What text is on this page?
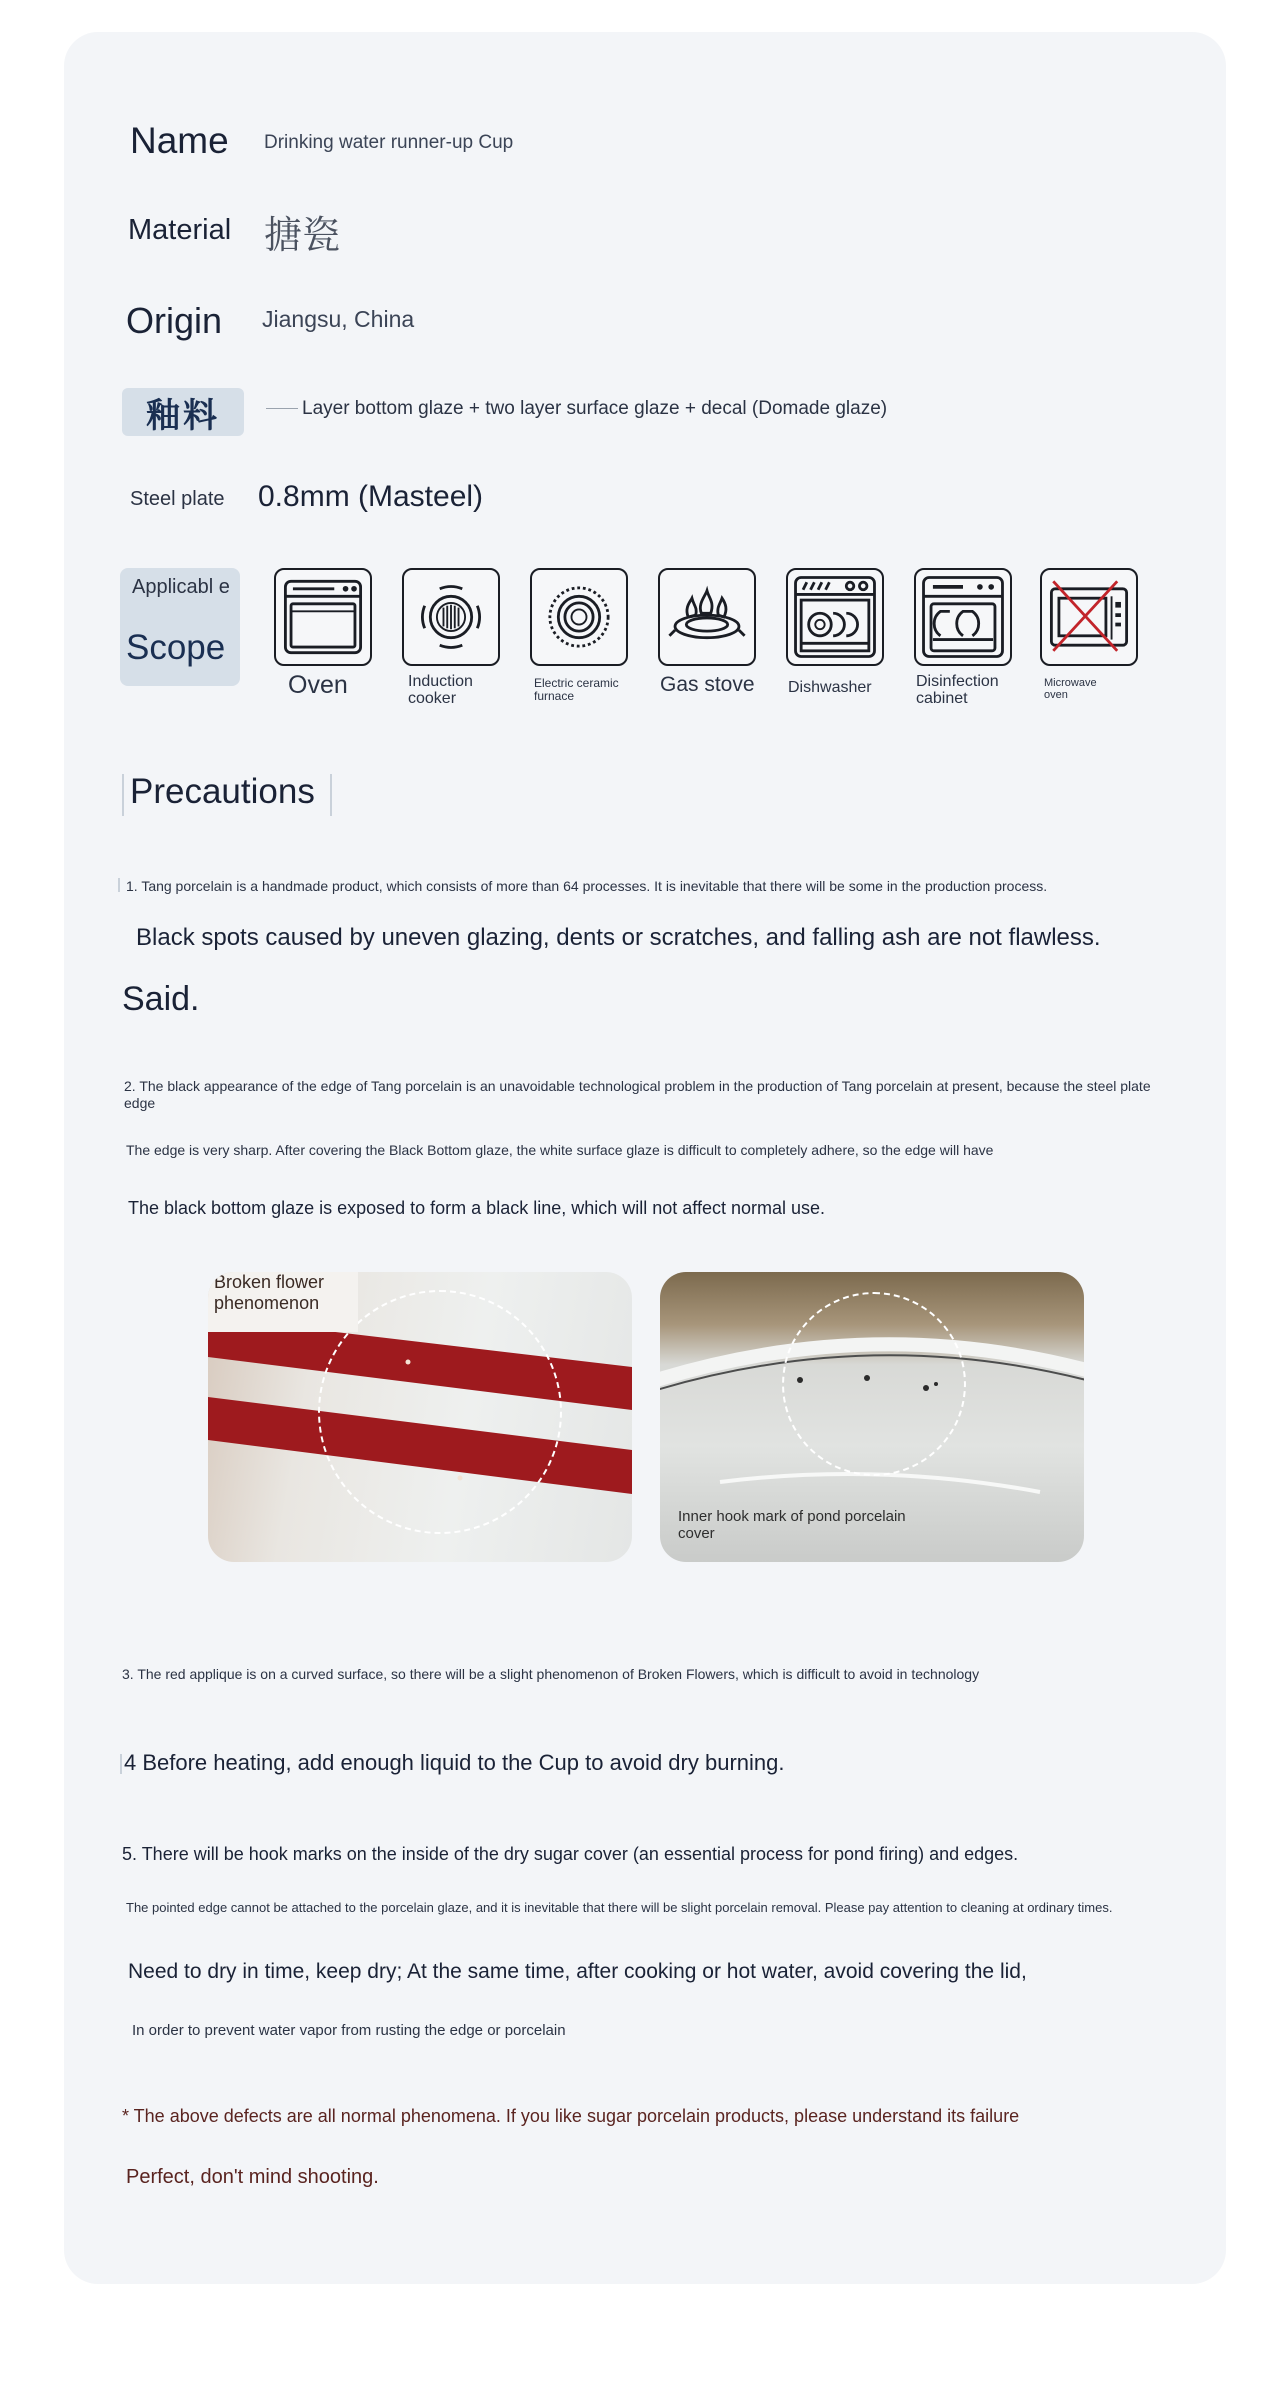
Name Drinking water runner-up Cup
Material 搪瓷
Origin Jiangsu, China
釉料	Layer bottom glaze + two layer surface glaze + decal (Domade glaze)
Steel plate 0.8mm (Masteel)
Applicabl e
Scope
Oven	Induction cooker
Electric ceramic furnace	Gas stove	Dishwasher	Disinfection cabinet
Microwave oven
Precautions
1. Tang porcelain is a handmade product, which consists of more than 64 processes. It is inevitable that there will be some in the production process.
Black spots caused by uneven glazing, dents or scratches, and falling ash are not flawless.
Said.
2. The black appearance of the edge of Tang porcelain is an unavoidable technological problem in the production of Tang porcelain at present, because the steel plate edge
The edge is very sharp. After covering the Black Bottom glaze, the white surface glaze is difficult to completely adhere, so the edge will have
The black bottom glaze is exposed to form a black line, which will not affect normal use.
Broken flower phenomenon
Inner hook mark of pond porcelain cover
3. The red applique is on a curved surface, so there will be a slight phenomenon of Broken Flowers, which is difficult to avoid in technology
4 Before heating, add enough liquid to the Cup to avoid dry burning.
5. There will be hook marks on the inside of the dry sugar cover (an essential process for pond firing) and edges.
The pointed edge cannot be attached to the porcelain glaze, and it is inevitable that there will be slight porcelain removal. Please pay attention to cleaning at ordinary times.
Need to dry in time, keep dry; At the same time, after cooking or hot water, avoid covering the lid,
In order to prevent water vapor from rusting the edge or porcelain
* The above defects are all normal phenomena. If you like sugar porcelain products, please understand its failure
Perfect, don't mind shooting.
